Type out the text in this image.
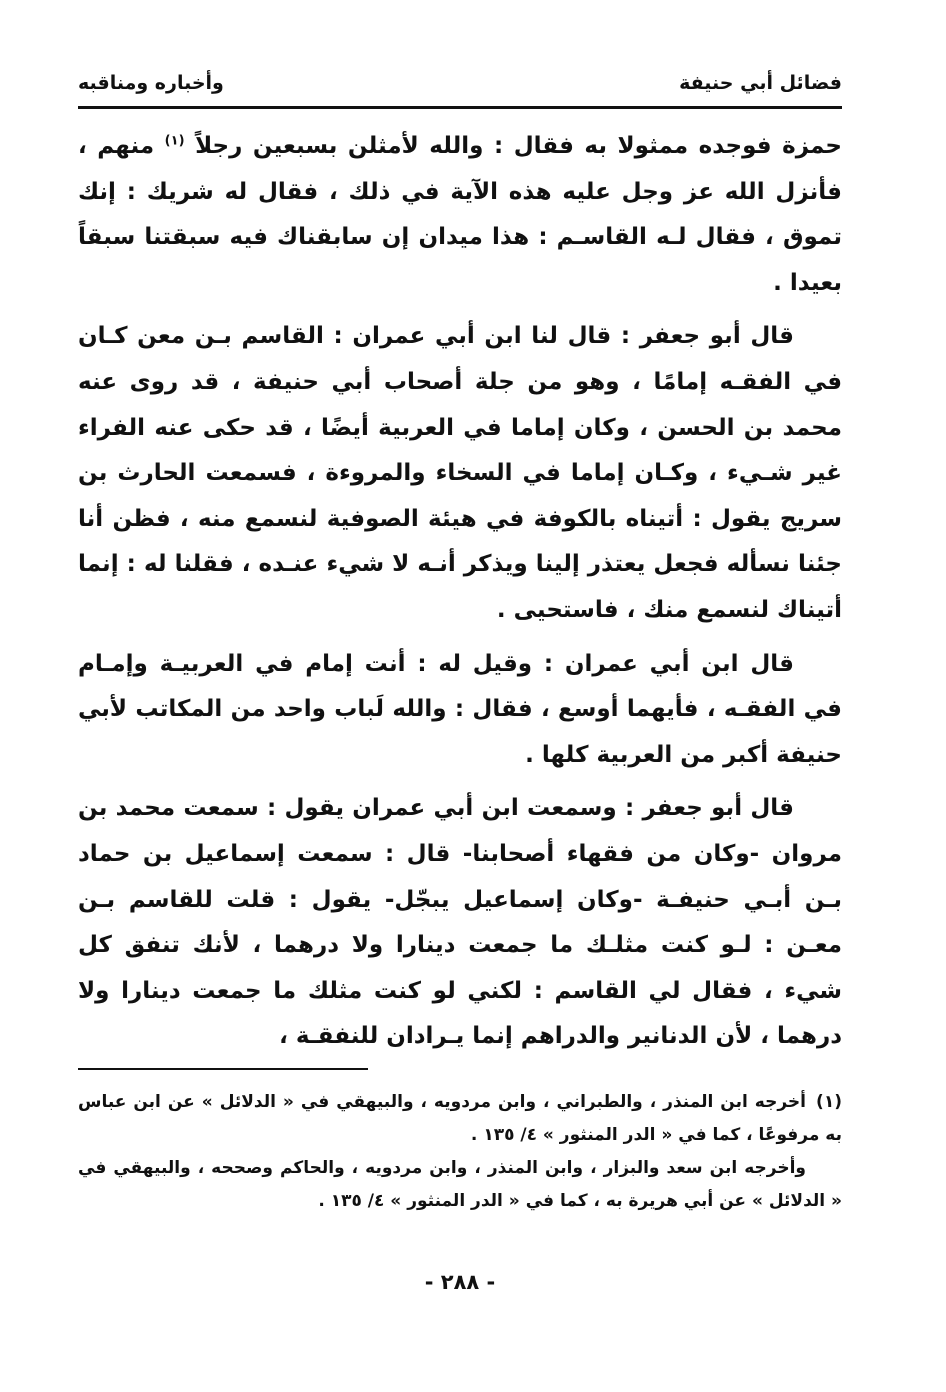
فضائل أبي حنيفة
وأخباره ومناقبه

حمزة فوجده ممثولا به فقال : والله لأمثلن بسبعين رجلاً $^{(١)}$ منهم ، فأنزل الله عز وجل عليه هذه الآية في ذلك ، فقال له شريك : إنك تموق ، فقال لـه القاسـم : هذا ميدان إن سابقناك فيه سبقتنا سبقاً بعيدا .

قال أبو جعفر : قال لنا ابن أبي عمران : القاسم بـن معن كـان في الفقـه إمامًا ، وهو من جلة أصحاب أبي حنيفة ، قد روى عنه محمد بن الحسن ، وكان إماما في العربية أيضًا ، قد حكى عنه الفراء غير شـيء ، وكـان إماما في السخاء والمروءة ، فسمعت الحارث بن سريج يقول : أتيناه بالكوفة في هيئة الصوفية لنسمع منه ، فظن أنا جئنا نسأله فجعل يعتذر إلينا ويذكر أنـه لا شيء عنـده ، فقلنا له : إنما أتيناك لنسمع منك ، فاستحيى .

قال ابن أبي عمران : وقيل له : أنت إمام في العربيـة وإمـام في الفقـه ، فأيهما أوسع ، فقال : والله لَباب واحد من المكاتب لأبي حنيفة أكبر من العربية كلها .

قال أبو جعفر : وسمعت ابن أبي عمران يقول : سمعت محمد بن مروان -وكان من فقهاء أصحابنا- قال : سمعت إسماعيل بن حماد بـن أبـي حنيفـة -وكان إسماعيل يبجّل- يقول : قلت للقاسم بـن معـن : لـو كنت مثلـك ما جمعت دينارا ولا درهما ، لأنك تنفق كل شيء ، فقال لي القاسم : لكني لو كنت مثلك ما جمعت دينارا ولا درهما ، لأن الدنانير والدراهم إنما يـرادان للنفقـة ،

(١)أخرجه ابن المنذر ، والطبراني ، وابن مردويه ، والبيهقي في « الدلائل » عن ابن عباس به مرفوعًا ، كما في « الدر المنثور » ٤/ ١٣٥ .

وأخرجه ابن سعد والبزار ، وابن المنذر ، وابن مردويه ، والحاكم وصححه ، والبيهقي في « الدلائل » عن أبي هريرة به ، كما في « الدر المنثور » ٤/ ١٣٥ .

- ٢٨٨ -
